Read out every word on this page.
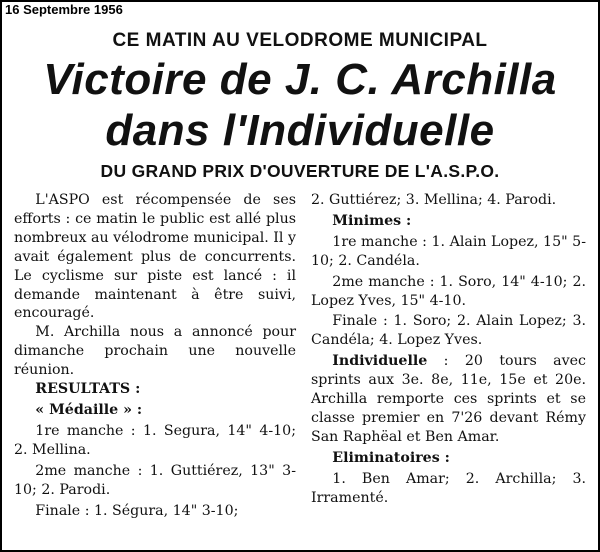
16 Septembre 1956
CE MATIN AU VELODROME MUNICIPAL
Victoire de J. C. Archilla
dans l'Individuelle
DU GRAND PRIX D'OUVERTURE DE L'A.S.P.O.

L'ASPO est récompensée de ses efforts : ce matin le public est allé plus nombreux au vélodrome municipal. Il y avait également plus de concurrents. Le cyclisme sur piste est lancé : il demande maintenant à être suivi, encouragé.

M. Archilla nous a annoncé pour dimanche prochain une nouvelle réunion.

RESULTATS :

« Médaille » :

1re manche : 1. Segura, 14" 4-10; 2. Mellina.

2me manche : 1. Guttiérez, 13" 3-10; 2. Parodi.

Finale : 1. Ségura, 14" 3-10;

2. Guttiérez; 3. Mellina; 4. Parodi.

Minimes :

1re manche : 1. Alain Lopez, 15" 5-10; 2. Candéla.

2me manche : 1. Soro, 14" 4-10; 2. Lopez Yves, 15" 4-10.

Finale : 1. Soro; 2. Alain Lopez; 3. Candéla; 4. Lopez Yves.

Individuelle : 20 tours avec sprints aux 3e. 8e, 11e, 15e et 20e. Archilla remporte ces sprints et se classe premier en 7'26 devant Rémy San Raphëal et Ben Amar.

Eliminatoires :

1. Ben Amar; 2. Archilla; 3. Irramenté.
